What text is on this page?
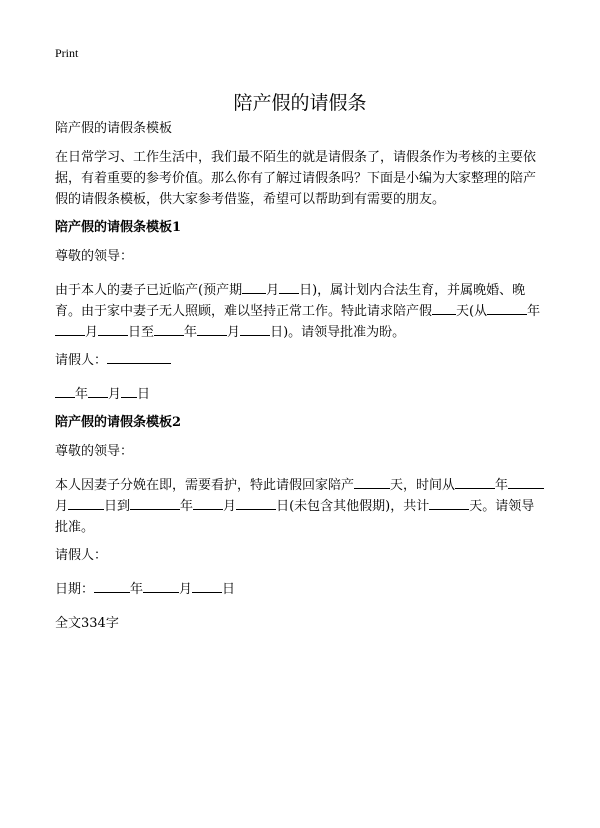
Print
陪产假的请假条

陪产假的请假条模板

在日常学习、工作生活中，我们最不陌生的就是请假条了，请假条作为考核的主要依据，有着重要的参考价值。那么你有了解过请假条吗？下面是小编为大家整理的陪产假的请假条模板，供大家参考借鉴，希望可以帮助到有需要的朋友。

陪产假的请假条模板1

尊敬的领导：

由于本人的妻子已近临产(预产期 月 日)，属计划内合法生育，并属晚婚、晚育。由于家中妻子无人照顾，难以坚持正常工作。特此请求陪产假 天(从	年月 日至 年 月 日)。请领导批准为盼。

请假人：

年 月 日

陪产假的请假条模板2

尊敬的领导：

本人因妻子分娩在即，需要看护，特此请假回家陪产	天，时间从	年月	日到	年 月	日(未包含其他假期)，共计	天。请领导批准。

请假人：

日期：	年	月 日

全文334字
